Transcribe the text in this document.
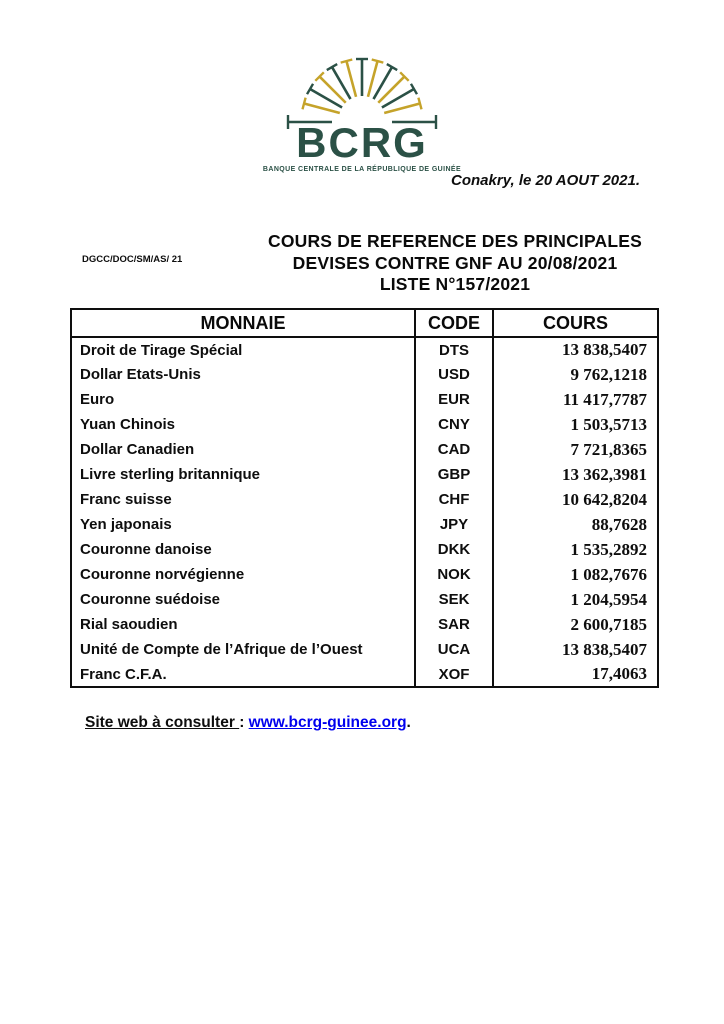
BCRG
BANQUE CENTRALE DE LA RÉPUBLIQUE DE GUINÉE
Conakry, le 20 AOUT 2021.
DGCC/DOC/SM/AS/ 21
COURS DE REFERENCE DES PRINCIPALES
DEVISES CONTRE GNF AU 20/08/2021
LISTE N°157/2021
MONNAIE	CODE	COURS
Droit de Tirage Spécial	DTS	13 838,5407
Dollar Etats-Unis	USD	9 762,1218
Euro	EUR	11 417,7787
Yuan Chinois	CNY	1 503,5713
Dollar Canadien	CAD	7 721,8365
Livre sterling britannique	GBP	13 362,3981
Franc suisse	CHF	10 642,8204
Yen japonais	JPY	88,7628
Couronne danoise	DKK	1 535,2892
Couronne norvégienne	NOK	1 082,7676
Couronne suédoise	SEK	1 204,5954
Rial saoudien	SAR	2 600,7185
Unité de Compte de l’Afrique de l’Ouest	UCA	13 838,5407
Franc C.F.A.	XOF	17,4063
Site web à consulter : www.bcrg-guinee.org.
